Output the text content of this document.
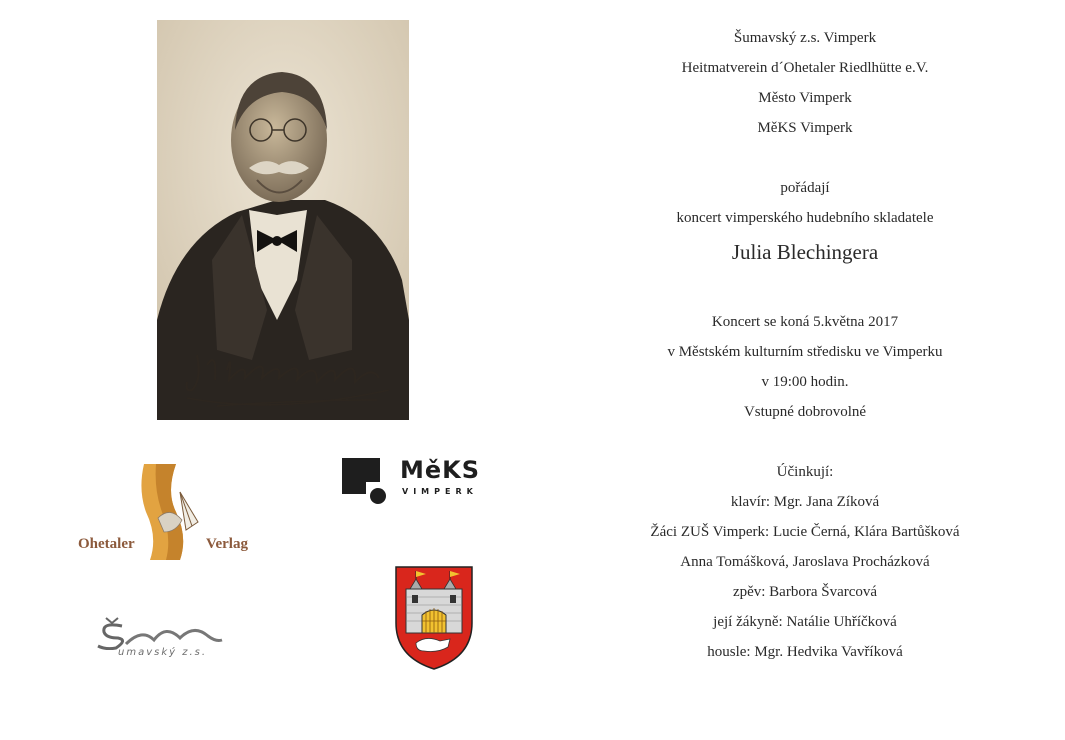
Ohetaler	Verlag
MěKS
VIMPERK
umavský z.s.
Šumavský z.s. Vimperk
Heitmatverein d´Ohetaler Riedlhütte e.V.
Město Vimperk
MěKS Vimperk
pořádají
koncert vimperského hudebního skladatele
Julia Blechingera
Koncert se koná 5.května 2017
v Městském kulturním středisku ve Vimperku
v 19:00 hodin.
Vstupné dobrovolné
Účinkují:
klavír: Mgr. Jana Zíková
Žáci ZUŠ Vimperk: Lucie Černá, Klára Bartůšková
Anna Tomášková, Jaroslava Procházková
zpěv: Barbora Švarcová
její žákyně: Natálie Uhříčková
housle: Mgr. Hedvika Vavříková
